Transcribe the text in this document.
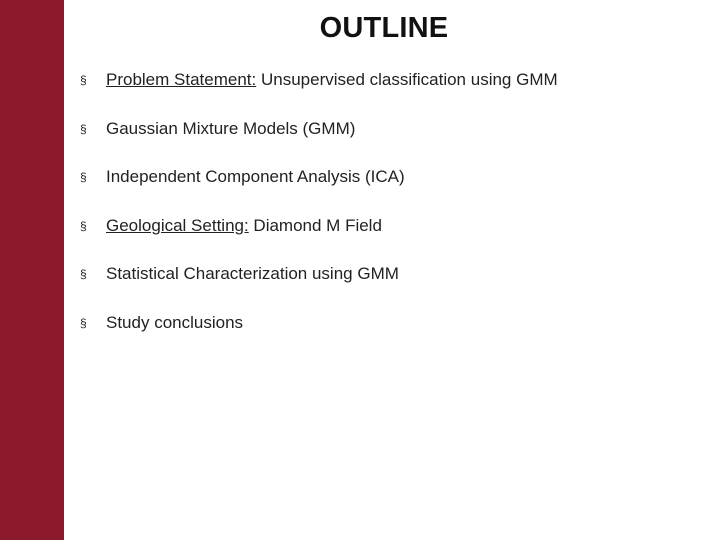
OUTLINE
§ Problem Statement: Unsupervised classification using GMM
§ Gaussian Mixture Models (GMM)
§ Independent Component Analysis (ICA)
§ Geological Setting: Diamond M Field
§ Statistical Characterization using GMM
§ Study conclusions
